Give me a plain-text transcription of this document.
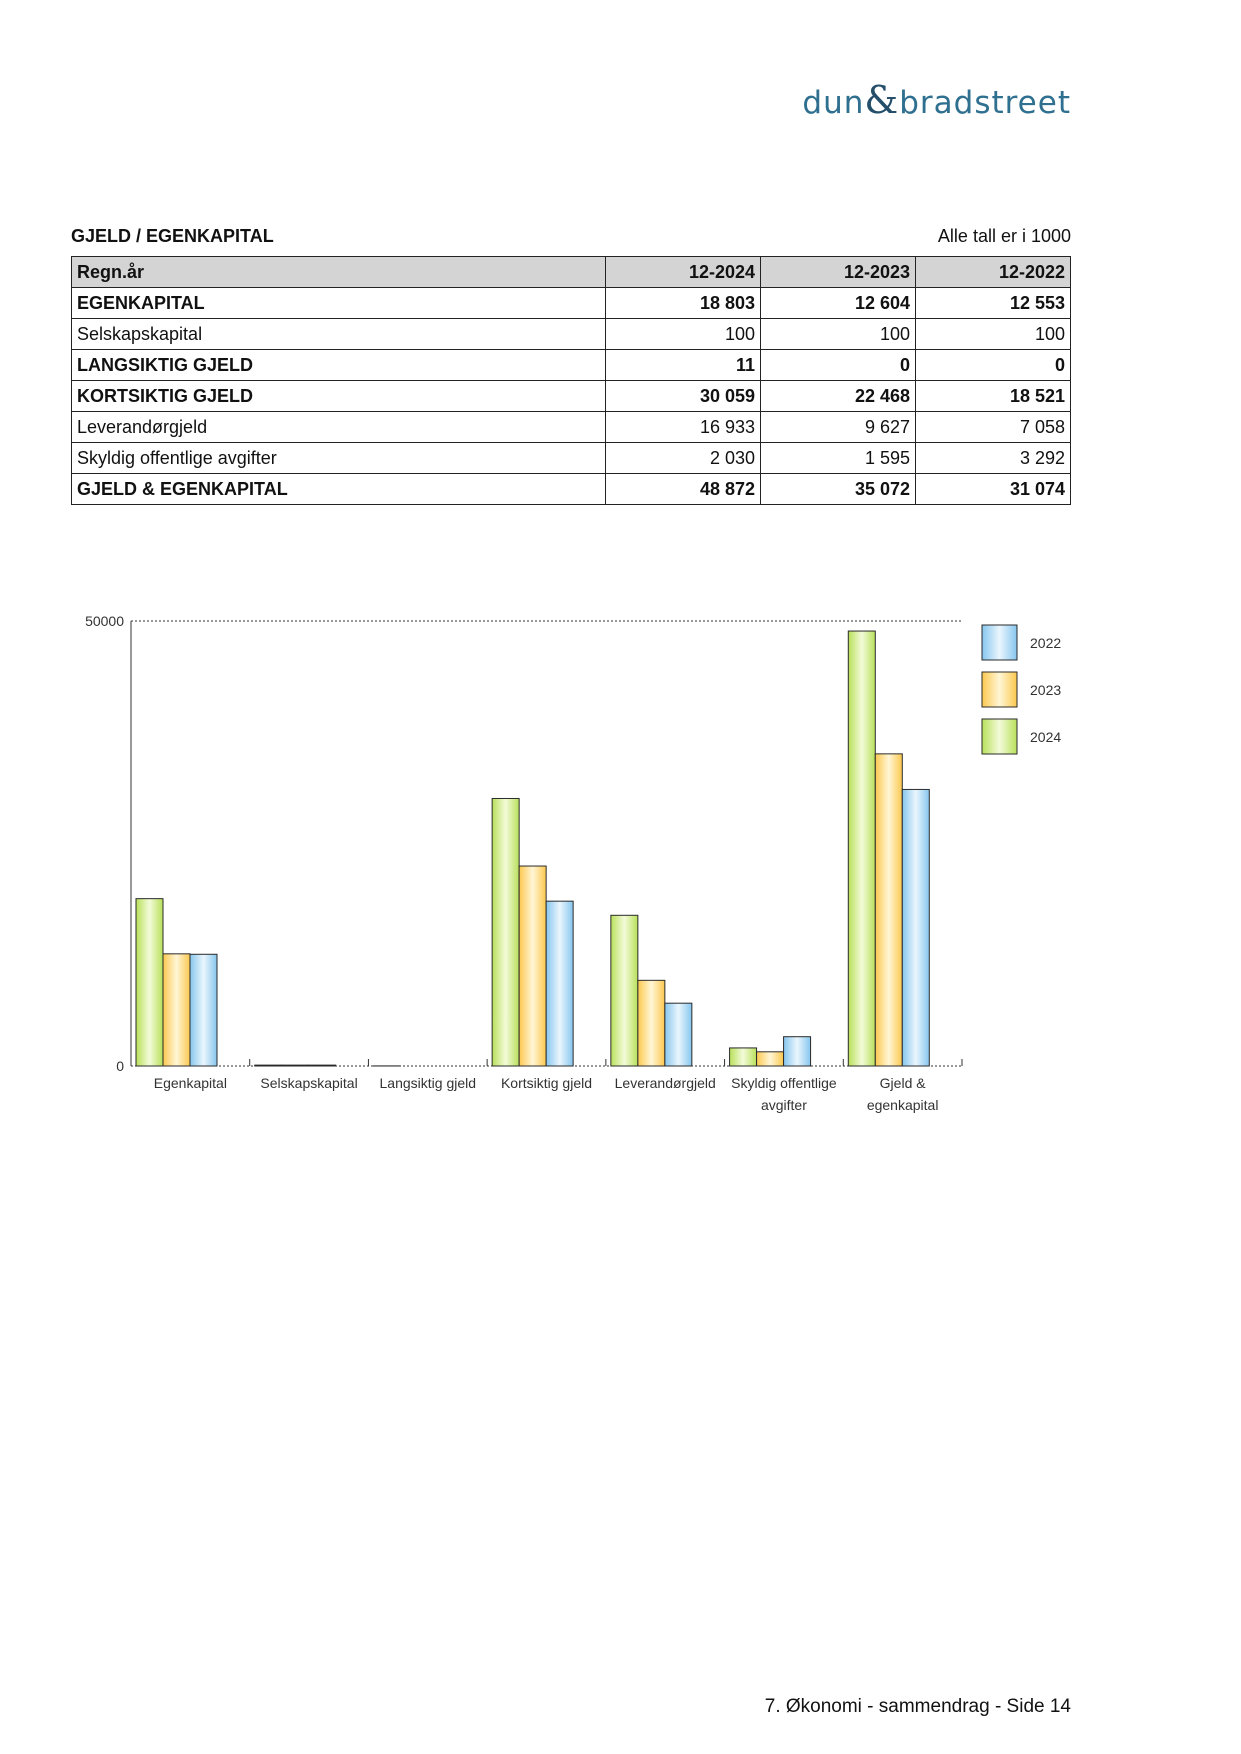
dun&bradstreet
GJELD / EGENKAPITAL	Alle tall er i 1000
Regn.år	12-2024	12-2023	12-2022
EGENKAPITAL	18 803	12 604	12 553
Selskapskapital	100	100	100
LANGSIKTIG GJELD	11	0	0
KORTSIKTIG GJELD	30 059	22 468	18 521
Leverandørgjeld	16 933	9 627	7 058
Skyldig offentlige avgifter	2 030	1 595	3 292
GJELD & EGENKAPITAL	48 872	35 072	31 074
0
50000
Egenkapital Selskapskapital Langsiktig gjeld Kortsiktig gjeld Leverandørgjeld Skyldig offentlige
avgifter
Gjeld &
egenkapital
2022
2023
2024
7. Økonomi - sammendrag - Side 14
